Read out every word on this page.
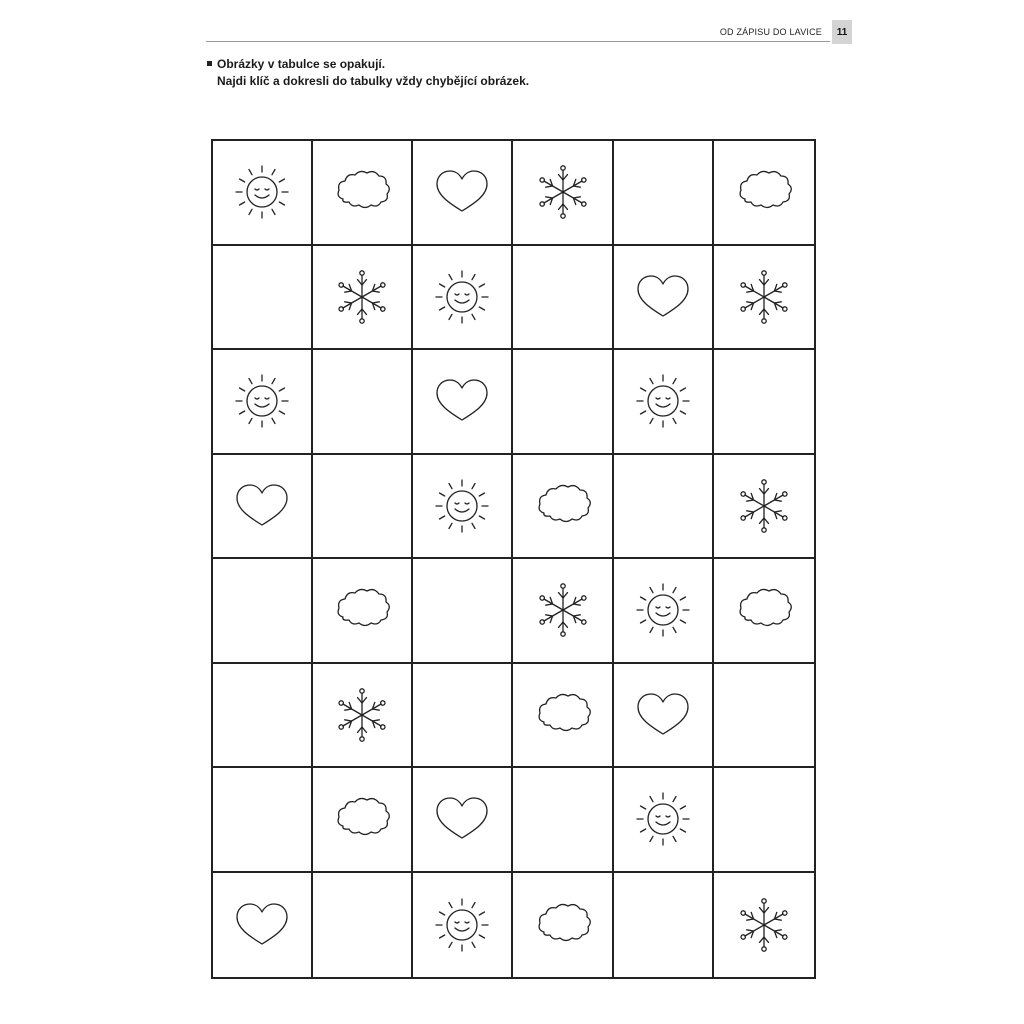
OD ZÁPISU DO LAVICE	11
Obrázky v tabulce se opakují.
Najdi klíč a dokresli do tabulky vždy chybějící obrázek.
